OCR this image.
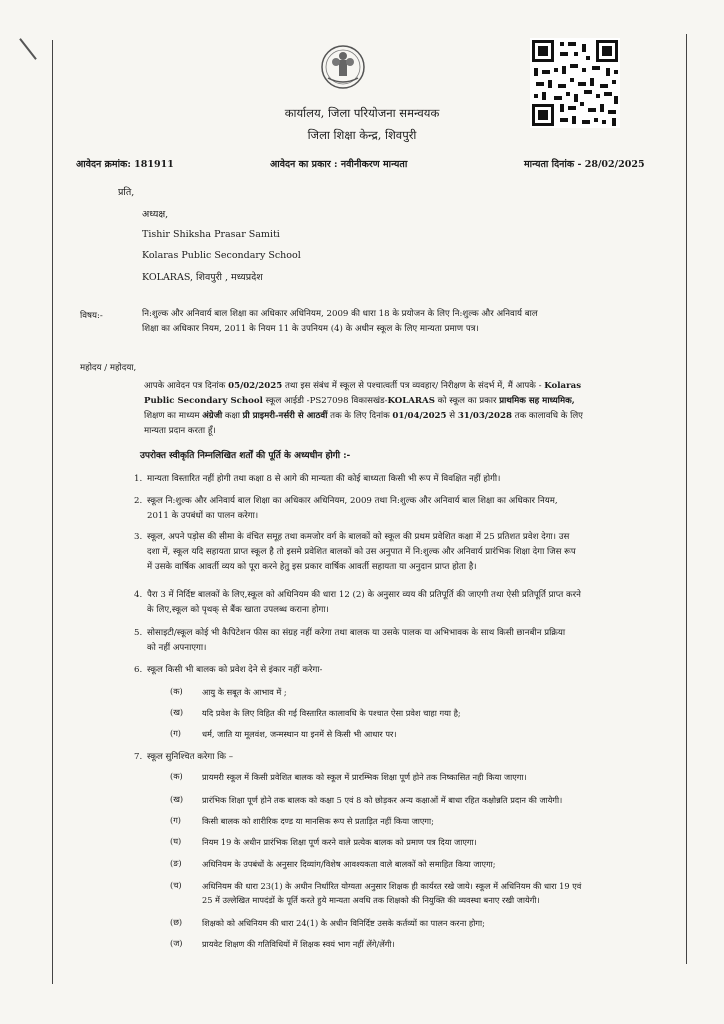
कार्यालय, जिला परियोजना समन्वयक
जिला शिक्षा केन्द्र, शिवपुरी
आवेदन क्रमांक: 181911	आवेदन का प्रकार : नवीनीकरण मान्यता	मान्यता दिनांक - 28/02/2025
प्रति,
अध्यक्ष,
Tishir Shiksha Prasar Samiti
Kolaras Public Secondary School
KOLARAS, शिवपुरी , मध्यप्रदेश
विषय:-	नि:शुल्क और अनिवार्य बाल शिक्षा का अधिकार अधिनियम, 2009 की धारा 18 के प्रयोजन के लिए नि:शुल्क और अनिवार्य बाल
शिक्षा का अधिकार नियम, 2011 के नियम 11 के उपनियम (4) के अधीन स्कूल के लिए मान्यता प्रमाण पत्र।
महोदय / महोदया,
आपके आवेदन पत्र दिनांक 05/02/2025 तथा इस संबंध में स्कूल से पश्चात्वर्ती पत्र व्यवहार/ निरीक्षण के संदर्भ में, मैं आपके - Kolaras
Public Secondary School स्कूल आईडी -PS27098 विकासखंड-KOLARAS को स्कूल का प्रकार प्राथमिक सह माध्यमिक,
शिक्षण का माध्यम अंग्रेजी कक्षा प्री प्राइमरी-नर्सरी से आठवीं तक के लिए दिनांक 01/04/2025 से 31/03/2028 तक कालावधि के लिए
मान्यता प्रदान करता हूँ।
उपरोक्त स्वीकृति निम्नलिखित शर्तों की पूर्ति के अध्यधीन होगी :-
1. मान्यता विस्तारित नहीं होगी तथा कक्षा 8 से आगे की मान्यता की कोई बाध्यता किसी भी रूप में विवक्षित नहीं होगी।
2. स्कूल नि:शुल्क और अनिवार्य बाल शिक्षा का अधिकार अधिनियम, 2009 तथा नि:शुल्क और अनिवार्य बाल शिक्षा का अधिकार नियम,
2011 के उपबंधों का पालन करेगा।
3. स्कूल, अपने पड़ोस की सीमा के वंचित समूह तथा कमजोर वर्ग के बालकों को स्कूल की प्रथम प्रवेशित कक्षा में 25 प्रतिशत प्रवेश देगा। उस
दशा में, स्कूल यदि सहायता प्राप्त स्कूल है तो इसमे प्रवेशित बालकों को उस अनुपात में नि:शुल्क और अनिवार्य प्रारंभिक शिक्षा देगा जिस रूप
में उसके वार्षिक आवर्ती व्यय को पूरा करने हेतु इस प्रकार वार्षिक आवर्ती सहायता या अनुदान प्राप्त होता है।
4. पैरा 3 में निर्दिष्ट बालकों के लिए,स्कूल को अधिनियम की धारा 12 (2) के अनुसार व्यय की प्रतिपूर्ति की जाएगी तथा ऐसी प्रतिपूर्ति प्राप्त करने
के लिए,स्कूल को पृथक् से बैंक खाता उपलब्ध कराना होगा।
5. सोसाइटी/स्कूल कोई भी कैपिटेशन फीस का संग्रह नहीं करेगा तथा बालक या उसके पालक या अभिभावक के साथ किसी छानबीन प्रक्रिया
को नहीं अपनाएगा।
6. स्कूल किसी भी बालक को प्रवेश देने से इंकार नहीं करेगा-
(क) आयु के सबूत के आभाव में ;
(ख) यदि प्रवेश के लिए विहित की गई विस्तारित कालावधि के पश्चात ऐसा प्रवेश चाहा गया है;
(ग)	धर्म, जाति या मूलवंश, जन्मस्थान या इनमें से किसी भी आधार पर।
7. स्कूल सुनिश्चित करेगा कि –
(क) प्रायमरी स्कूल में किसी प्रवेशित बालक को स्कूल में प्रारम्भिक शिक्षा पूर्ण होने तक निष्कासित नही किया जाएगा।
(ख) प्रारंभिक शिक्षा पूर्ण होने तक बालक को कक्षा 5 एवं 8 को छोड़कर अन्य कक्षाओं में बाधा रहित कक्षोन्नति प्रदान की जायेगी।
(ग)	किसी बालक को शारीरिक दण्ड या मानसिक रूप से प्रताड़ित नहीं किया जाएगा;
(घ)	नियम 19 के अधीन प्रारंभिक शिक्षा पूर्ण करने वाले प्रत्येक बालक को प्रमाण पत्र दिया जाएगा।
(ङ) अधिनियम के उपबंधों के अनुसार दिव्यांग/विशेष आवश्यकता वाले बालकों को समाहित किया जाएगा;
(च) अधिनियम की धारा 23(1) के अधीन निर्धारित योग्यता अनुसार शिक्षक ही कार्यरत रखे जाये। स्कूल में अधिनियम की धारा 19 एवं
25 में उल्लेखित मापदंडों के पूर्ति करते हुये मान्यता अवधि तक शिक्षको की नियुक्ति की व्यवस्था बनाए रखी जायेगी।
(छ) शिक्षको को अधिनियम की धारा 24(1) के अधीन विनिर्दिष्ट उसके कर्तव्यों का पालन करना होगा;
(ज) प्रायवेट शिक्षण की गतिविधियों में शिक्षक स्वयं भाग नहीं लेंगे/लेंगी।
